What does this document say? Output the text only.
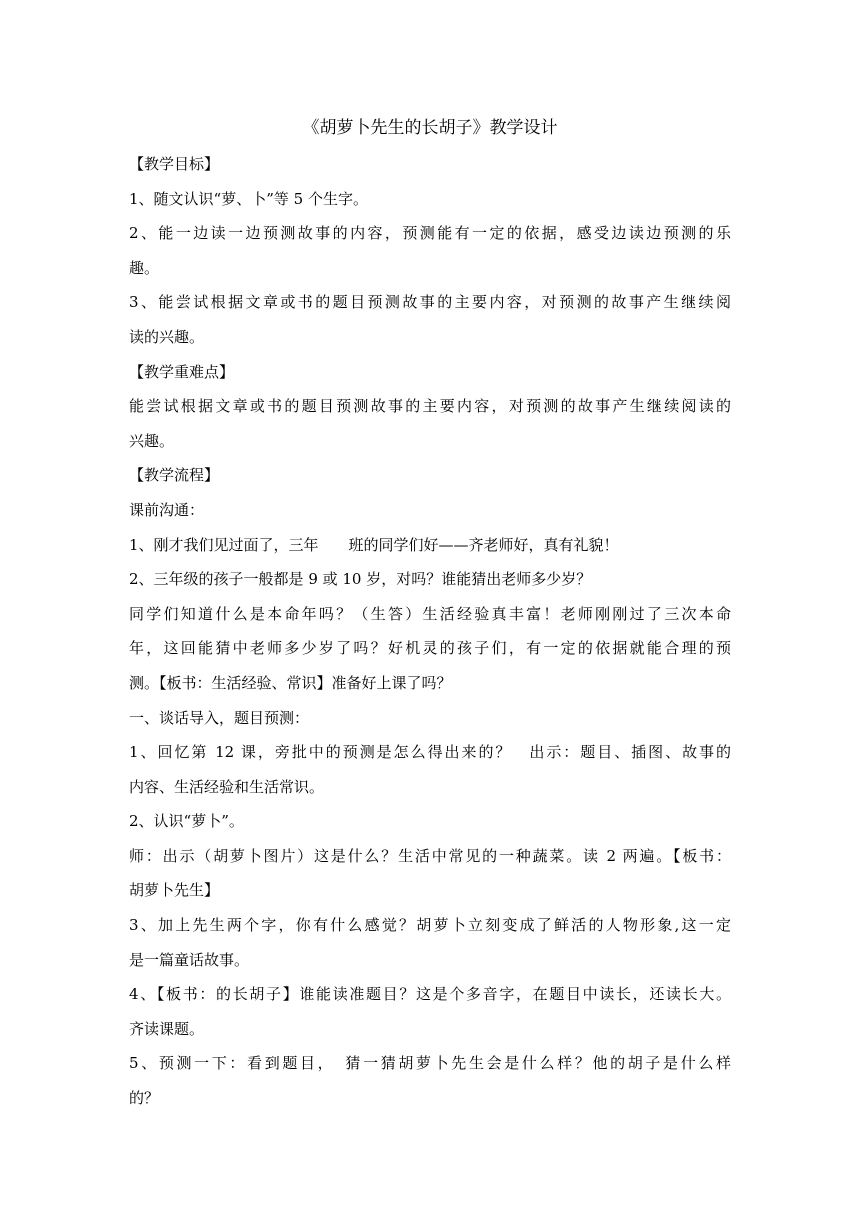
《胡萝卜先生的长胡子》教学设计
【教学目标】
1、随文认识“萝、卜”等 5 个生字。
2、能一边读一边预测故事的内容，预测能有一定的依据，感受边读边预测的乐
趣。
3、能尝试根据文章或书的题目预测故事的主要内容，对预测的故事产生继续阅
读的兴趣。
【教学重难点】
能尝试根据文章或书的题目预测故事的主要内容，对预测的故事产生继续阅读的
兴趣。
【教学流程】
课前沟通：
1、刚才我们见过面了，三年　　班的同学们好——齐老师好，真有礼貌！
2、三年级的孩子一般都是 9 或 10 岁，对吗？谁能猜出老师多少岁？
同学们知道什么是本命年吗？（生答）生活经验真丰富！老师刚刚过了三次本命
年，这回能猜中老师多少岁了吗？好机灵的孩子们，有一定的依据就能合理的预
测。【板书：生活经验、常识】准备好上课了吗？
一、谈话导入，题目预测：
1、回忆第 12 课，旁批中的预测是怎么得出来的？　出示：题目、插图、故事的
内容、生活经验和生活常识。
2、认识“萝卜”。
师：出示（胡萝卜图片）这是什么？生活中常见的一种蔬菜。读 2 两遍。【板书：
胡萝卜先生】
3、加上先生两个字，你有什么感觉？胡萝卜立刻变成了鲜活的人物形象,这一定
是一篇童话故事。
4、【板书：的长胡子】谁能读准题目？这是个多音字，在题目中读长，还读长大。
齐读课题。
5、预测一下：看到题目，　猜一猜胡萝卜先生会是什么样？他的胡子是什么样
的？
